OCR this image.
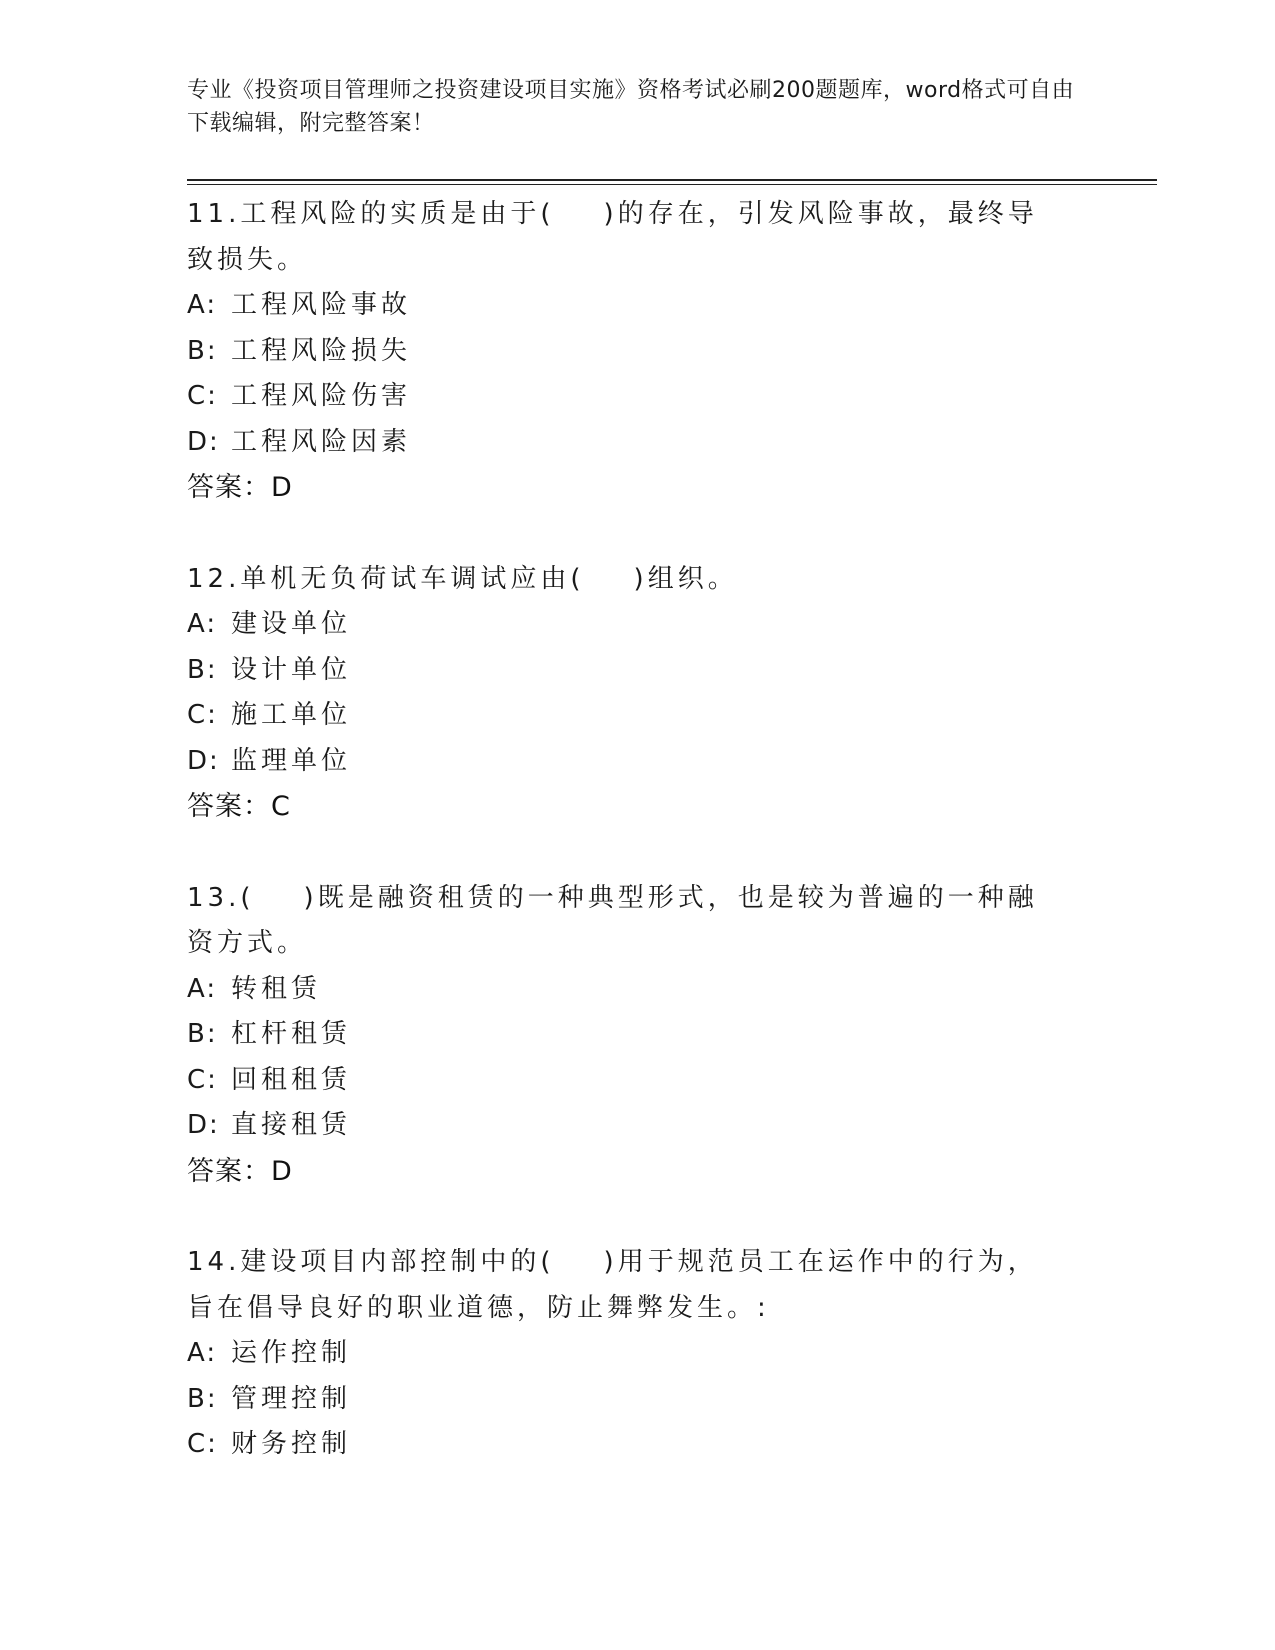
专业《投资项目管理师之投资建设项目实施》资格考试必刷200题题库，word格式可自由下载编辑，附完整答案！
11.工程风险的实质是由于(    )的存在，引发风险事故，最终导致损失。
A: 工程风险事故
B: 工程风险损失
C: 工程风险伤害
D: 工程风险因素
答案：D
12.单机无负荷试车调试应由(    )组织。
A: 建设单位
B: 设计单位
C: 施工单位
D: 监理单位
答案：C
13.(    )既是融资租赁的一种典型形式，也是较为普遍的一种融资方式。
A: 转租赁
B: 杠杆租赁
C: 回租租赁
D: 直接租赁
答案：D
14.建设项目内部控制中的(    )用于规范员工在运作中的行为，旨在倡导良好的职业道德，防止舞弊发生。:
A: 运作控制
B: 管理控制
C: 财务控制
